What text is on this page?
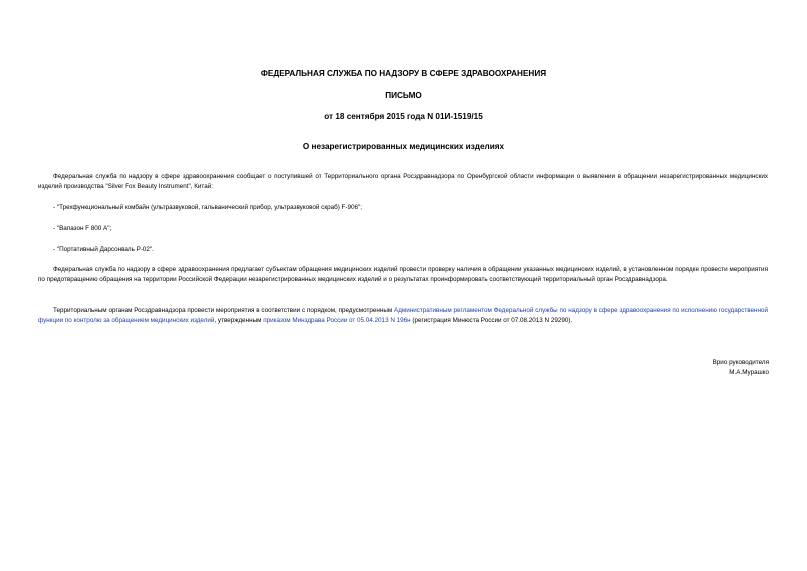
ФЕДЕРАЛЬНАЯ СЛУЖБА ПО НАДЗОРУ В СФЕРЕ ЗДРАВООХРАНЕНИЯ
ПИСЬМО
от 18 сентября 2015 года N 01И-1519/15
О незарегистрированных медицинских изделиях
Федеральная служба по надзору в сфере здравоохранения сообщает о поступившей от Территориального органа Росздравнадзора по Оренбургской области информации о выявлении в обращении незарегистрированных медицинских изделий производства "Silver Fox Beauty Instrument", Китай:
- "Трехфункциональный комбайн (ультразвуковой, гальванический прибор, ультразвуковой скраб) F-906";
- "Вапазон F 800 А";
- "Портативный Дарсонваль Р-02".
Федеральная служба по надзору в сфере здравоохранения предлагает субъектам обращения медицинских изделий провести проверку наличия в обращении указанных медицинских изделий, в установленном порядке провести мероприятия по предотвращению обращения на территории Российской Федерации незарегистрированных медицинских изделий и о результатах проинформировать соответствующий территориальный орган Росздравнадзора.
Территориальным органам Росздравнадзора провести мероприятия в соответствии с порядком, предусмотренным Административным регламентом Федеральной службы по надзору в сфере здравоохранения по исполнению государственной функции по контролю за обращением медицинских изделий, утвержденным приказом Минздрава России от 05.04.2013 N 196н (регистрация Минюста России от 07.08.2013 N 29290).
Врио руководителя
М.А.Мурашко
